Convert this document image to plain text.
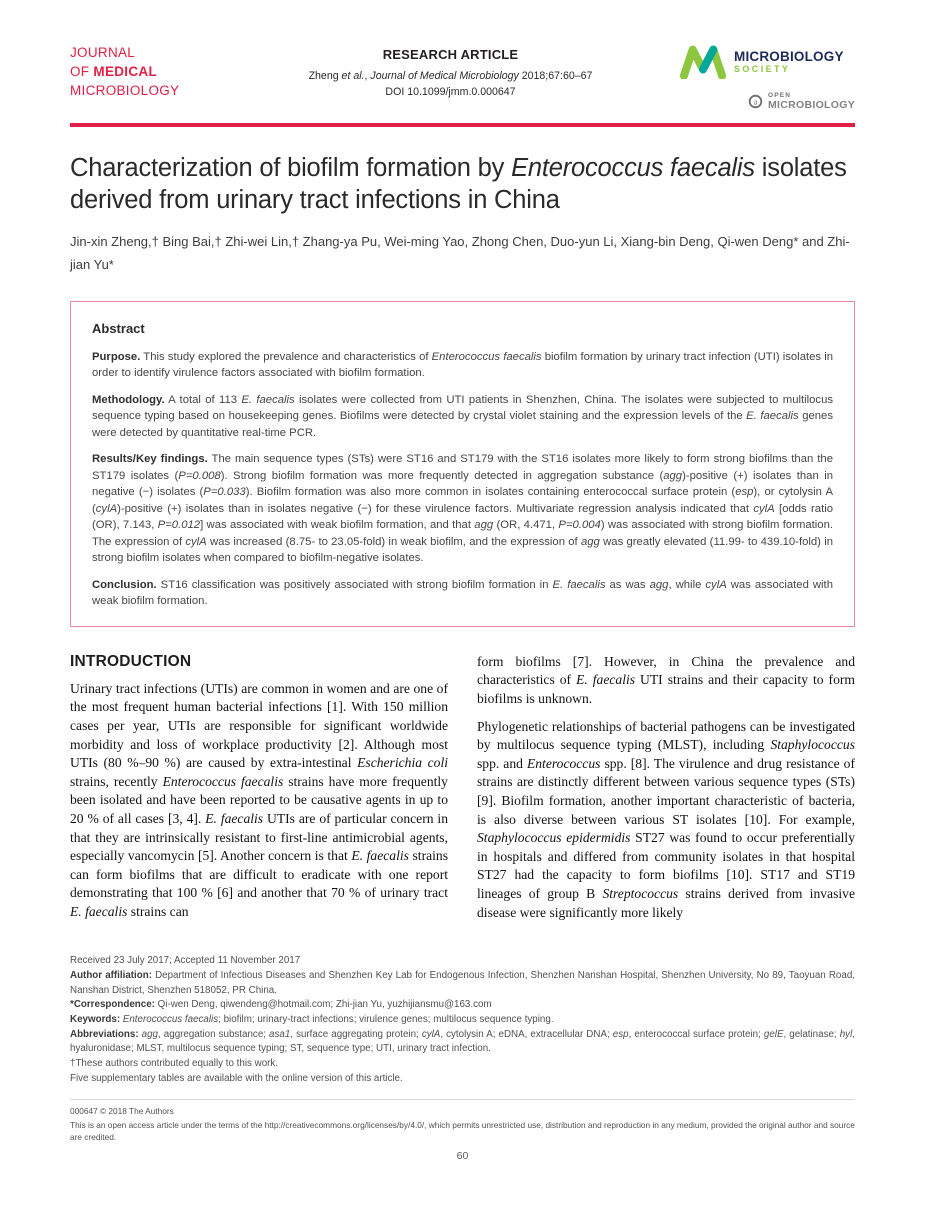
JOURNAL
OF MEDICAL
MICROBIOLOGY
RESEARCH ARTICLE
Zheng et al., Journal of Medical Microbiology 2018;67:60–67
DOI 10.1099/jmm.0.000647
MICROBIOLOGY
SOCIETY
a
OPEN
MICROBIOLOGY
Characterization of biofilm formation by Enterococcus faecalis isolates derived from urinary tract infections in China

Jin-xin Zheng,† Bing Bai,† Zhi-wei Lin,† Zhang-ya Pu, Wei-ming Yao, Zhong Chen, Duo-yun Li, Xiang-bin Deng, Qi-wen Deng* and Zhi-jian Yu*

Abstract

Purpose. This study explored the prevalence and characteristics of Enterococcus faecalis biofilm formation by urinary tract infection (UTI) isolates in order to identify virulence factors associated with biofilm formation.

Methodology. A total of 113 E. faecalis isolates were collected from UTI patients in Shenzhen, China. The isolates were subjected to multilocus sequence typing based on housekeeping genes. Biofilms were detected by crystal violet staining and the expression levels of the E. faecalis genes were detected by quantitative real-time PCR.

Results/Key findings. The main sequence types (STs) were ST16 and ST179 with the ST16 isolates more likely to form strong biofilms than the ST179 isolates (P=0.008). Strong biofilm formation was more frequently detected in aggregation substance (agg)-positive (+) isolates than in negative (−) isolates (P=0.033). Biofilm formation was also more common in isolates containing enterococcal surface protein (esp), or cytolysin A (cylA)-positive (+) isolates than in isolates negative (−) for these virulence factors. Multivariate regression analysis indicated that cylA [odds ratio (OR), 7.143, P=0.012] was associated with weak biofilm formation, and that agg (OR, 4.471, P=0.004) was associated with strong biofilm formation. The expression of cylA was increased (8.75- to 23.05-fold) in weak biofilm, and the expression of agg was greatly elevated (11.99- to 439.10-fold) in strong biofilm isolates when compared to biofilm-negative isolates.

Conclusion. ST16 classification was positively associated with strong biofilm formation in E. faecalis as was agg, while cylA was associated with weak biofilm formation.

INTRODUCTION

Urinary tract infections (UTIs) are common in women and are one of the most frequent human bacterial infections [1]. With 150 million cases per year, UTIs are responsible for significant worldwide morbidity and loss of workplace productivity [2]. Although most UTIs (80 %–90 %) are caused by extra-intestinal Escherichia coli strains, recently Enterococcus faecalis strains have more frequently been isolated and have been reported to be causative agents in up to 20 % of all cases [3, 4]. E. faecalis UTIs are of particular concern in that they are intrinsically resistant to first-line antimicrobial agents, especially vancomycin [5]. Another concern is that E. faecalis strains can form biofilms that are difficult to eradicate with one report demonstrating that 100 % [6] and another that 70 % of urinary tract E. faecalis strains can

form biofilms [7]. However, in China the prevalence and characteristics of E. faecalis UTI strains and their capacity to form biofilms is unknown.

Phylogenetic relationships of bacterial pathogens can be investigated by multilocus sequence typing (MLST), including Staphylococcus spp. and Enterococcus spp. [8]. The virulence and drug resistance of strains are distinctly different between various sequence types (STs) [9]. Biofilm formation, another important characteristic of bacteria, is also diverse between various ST isolates [10]. For example, Staphylococcus epidermidis ST27 was found to occur preferentially in hospitals and differed from community isolates in that hospital ST27 had the capacity to form biofilms [10]. ST17 and ST19 lineages of group B Streptococcus strains derived from invasive disease were significantly more likely

Received 23 July 2017; Accepted 11 November 2017

Author affiliation: Department of Infectious Diseases and Shenzhen Key Lab for Endogenous Infection, Shenzhen Nanshan Hospital, Shenzhen University, No 89, Taoyuan Road, Nanshan District, Shenzhen 518052, PR China.

*Correspondence: Qi-wen Deng, qiwendeng@hotmail.com; Zhi-jian Yu, yuzhijiansmu@163.com

Keywords: Enterococcus faecalis; biofilm; urinary-tract infections; virulence genes; multilocus sequence typing.

Abbreviations: agg, aggregation substance; asa1, surface aggregating protein; cylA, cytolysin A; eDNA, extracellular DNA; esp, enterococcal surface protein; gelE, gelatinase; hyl, hyaluronidase; MLST, multilocus sequence typing; ST, sequence type; UTI, urinary tract infection.

†These authors contributed equally to this work.

Five supplementary tables are available with the online version of this article.

000647 © 2018 The Authors

This is an open access article under the terms of the http://creativecommons.org/licenses/by/4.0/, which permits unrestricted use, distribution and reproduction in any medium, provided the original author and source are credited.

60
